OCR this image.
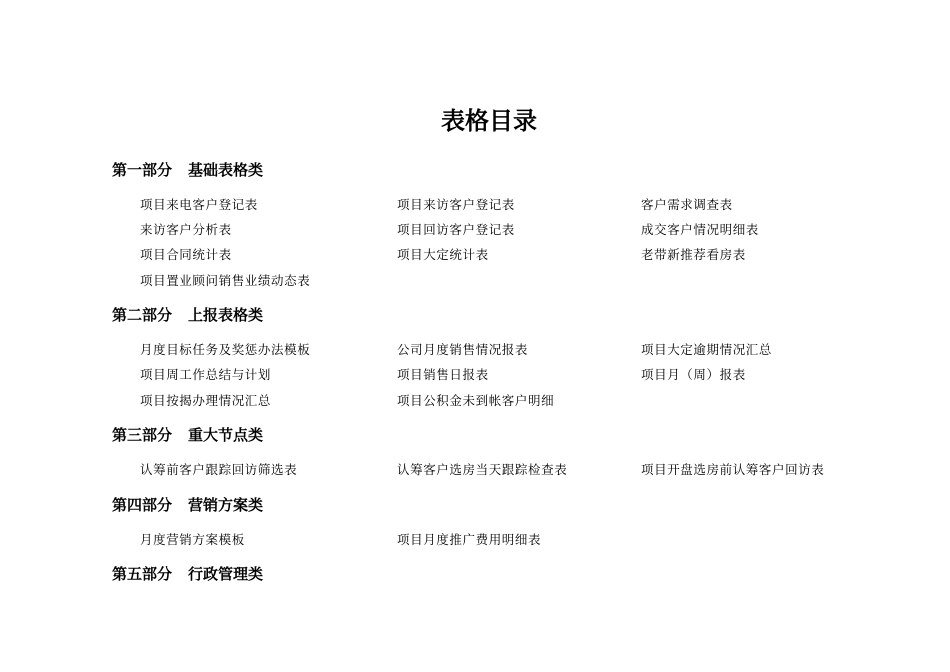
表格目录
第一部分 基础表格类

项目来电客户登记表	项目来访客户登记表	客户需求调查表

来访客户分析表	项目回访客户登记表	成交客户情况明细表

项目合同统计表	项目大定统计表	老带新推荐看房表

项目置业顾问销售业绩动态表

第二部分 上报表格类

月度目标任务及奖惩办法模板	公司月度销售情况报表	项目大定逾期情况汇总

项目周工作总结与计划	项目销售日报表	项目月（周）报表

项目按揭办理情况汇总	项目公积金未到帐客户明细

第三部分 重大节点类

认筹前客户跟踪回访筛选表	认筹客户选房当天跟踪检查表	项目开盘选房前认筹客户回访表

第四部分 营销方案类

月度营销方案模板	项目月度推广费用明细表

第五部分 行政管理类
